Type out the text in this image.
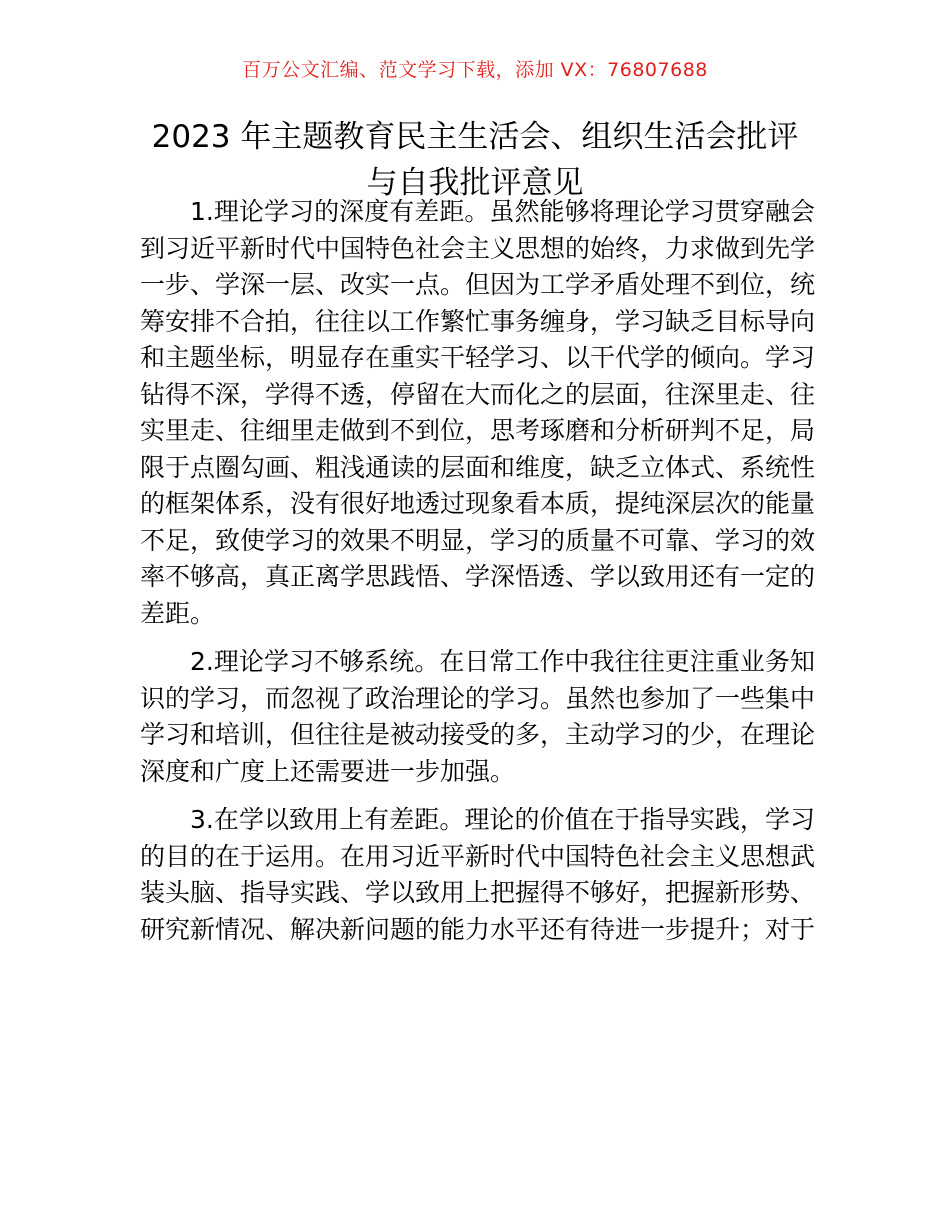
百万公文汇编、范文学习下载，添加 VX：76807688
2023 年主题教育民主生活会、组织生活会批评
与自我批评意见
1.理论学习的深度有差距。虽然能够将理论学习贯穿融会
到习近平新时代中国特色社会主义思想的始终，力求做到先学
一步、学深一层、改实一点。但因为工学矛盾处理不到位，统
筹安排不合拍，往往以工作繁忙事务缠身，学习缺乏目标导向
和主题坐标，明显存在重实干轻学习、以干代学的倾向。学习
钻得不深，学得不透，停留在大而化之的层面，往深里走、往
实里走、往细里走做到不到位，思考琢磨和分析研判不足，局
限于点圈勾画、粗浅通读的层面和维度，缺乏立体式、系统性
的框架体系，没有很好地透过现象看本质，提纯深层次的能量
不足，致使学习的效果不明显，学习的质量不可靠、学习的效
率不够高，真正离学思践悟、学深悟透、学以致用还有一定的
差距。
2.理论学习不够系统。在日常工作中我往往更注重业务知
识的学习，而忽视了政治理论的学习。虽然也参加了一些集中
学习和培训，但往往是被动接受的多，主动学习的少，在理论
深度和广度上还需要进一步加强。
3.在学以致用上有差距。理论的价值在于指导实践，学习
的目的在于运用。在用习近平新时代中国特色社会主义思想武
装头脑、指导实践、学以致用上把握得不够好，把握新形势、
研究新情况、解决新问题的能力水平还有待进一步提升；对于
